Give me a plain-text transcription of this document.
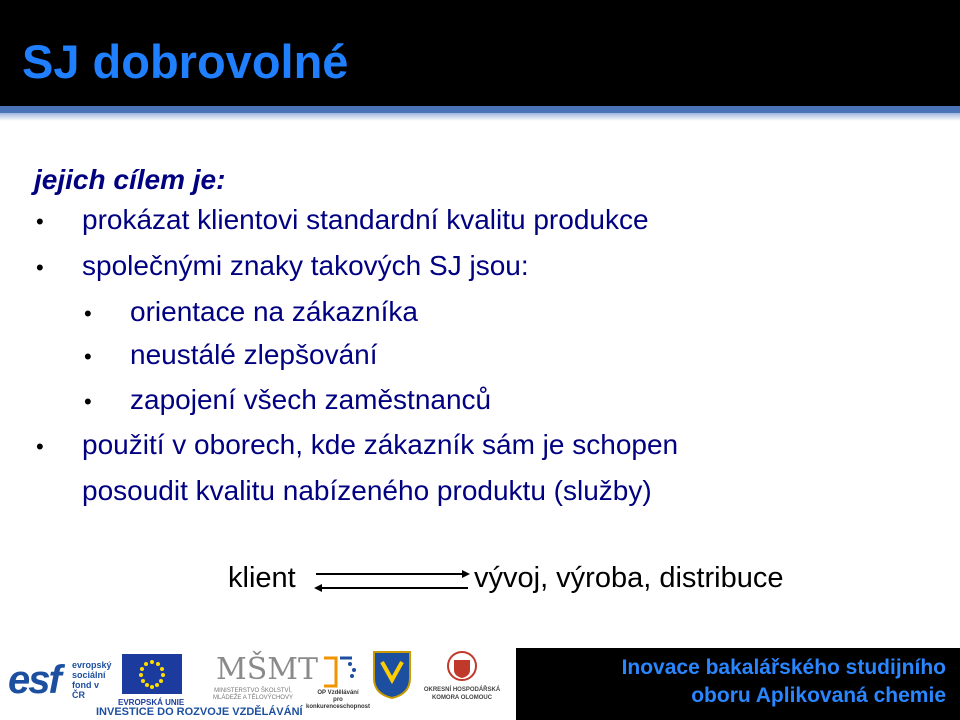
SJ dobrovolné
jejich cílem je:
• prokázat klientovi standardní kvalitu produkce
• společnými znaky takových SJ jsou:
• orientace na zákazníka
• neustálé zlepšování
• zapojení všech zaměstnanců
• použití v oborech, kde zákazník sám je schopen
posoudit kvalitu nabízeného produktu (služby)
klient	vývoj, výroba, distribuce
esf evropský
sociální
fond v ČR
EVROPSKÁ UNIE
MŠMT
MINISTERSTVO ŠKOLSTVÍ, MLÁDEŽE A TĚLOVÝCHOVY
OP Vzdělávání
pro konkurenceschopnost
OKRESNÍ HOSPODÁŘSKÁ
KOMORA OLOMOUC
INVESTICE DO ROZVOJE VZDĚLÁVÁNÍ
Inovace bakalářského studijního
oboru Aplikovaná chemie
